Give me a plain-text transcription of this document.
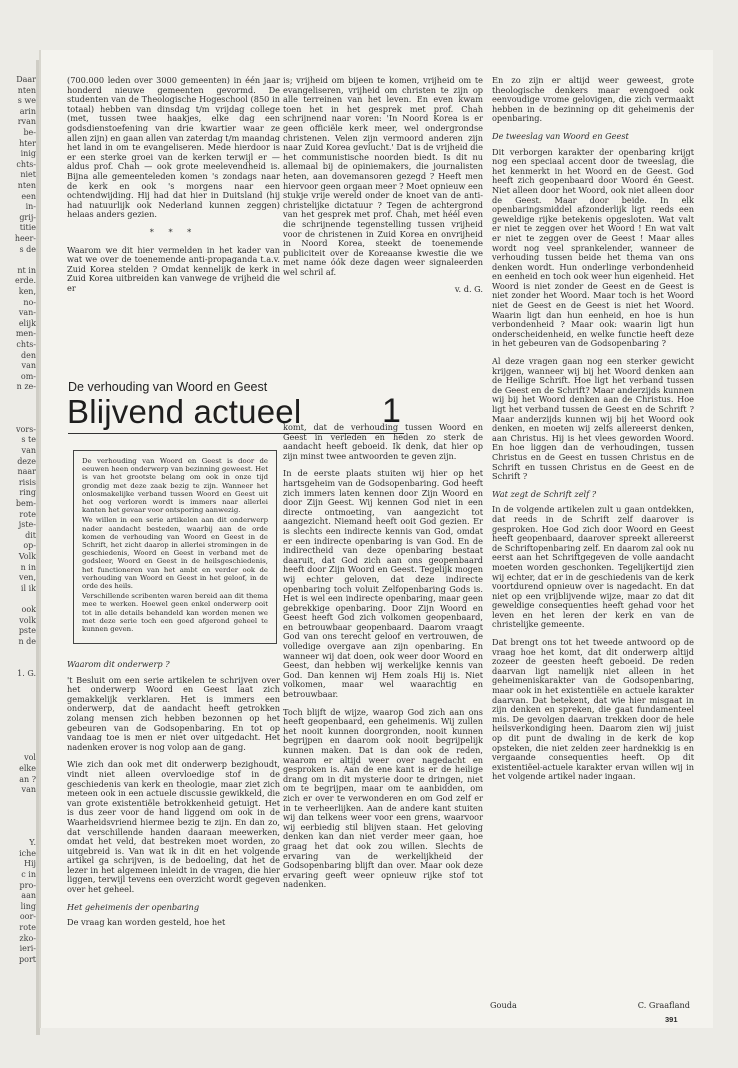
Daar
nten
s we
arin
rvan
be-
hter
inig
chts-
niet
nten
een
in-
grij-
titie
heer-
s de
nt in
erde.
ken,
no-
van-
elijk
men-
chts-
den
van
om-
n ze-
vors-
s te
van
deze
naar
risis
ring
bem-
rote
jste-
dit
op-
Volk
n in
ven,
il ik
ook
volk
pste
n de
1. G.
vol
elke
an ?
van
Y.
iche
Hij
c in
pro-
aan
ling
oor-
rote
zko-
ieri-
port

(700.000 leden over 3000 gemeenten) in één jaar honderd nieuwe gemeenten gevormd. De studenten van de Theologische Hogeschool (850 in totaal) hebben van dinsdag t/m vrijdag college (met, tussen twee haakjes, elke dag een godsdienstoefening van drie kwartier waar ze allen zijn) en gaan allen van zaterdag t/m maandag het land in om te evangeliseren. Mede hierdoor is er een sterke groei van de kerken terwijl er — aldus prof. Chah — ook grote meelevendheid is. Bijna alle gemeenteleden komen 's zondags naar de kerk en ook 's morgens naar een ochtendwijding. Hij had dat hier in Duitsland (hij had natuurlijk ook Nederland kunnen zeggen) helaas anders gezien.

* * *

Waarom we dit hier vermelden in het kader van wat we over de toenemende anti-propaganda t.a.v. Zuid Korea stelden ? Omdat kennelijk de kerk in Zuid Korea uitbreiden kan vanwege de vrijheid die er

is; vrijheid om bijeen te komen, vrijheid om te evangeliseren, vrijheid om christen te zijn op alle terreinen van het leven. En even kwam toen het in het gesprek met prof. Chah schrijnend naar voren: 'In Noord Korea is er geen officiële kerk meer, wel ondergrondse christenen. Velen zijn vermoord anderen zijn naar Zuid Korea gevlucht.' Dat is de vrijheid die het communistische noorden biedt. Is dit nu allemaal bij de opiniemakers, die journalisten heten, aan dovemansoren gezegd ? Heeft men hiervoor geen orgaan meer ? Moet opnieuw een stukje vrije wereld onder de knoet van de anti-christelijke dictatuur ? Tegen de achtergrond van het gesprek met prof. Chah, met héél even die schrijnende tegenstelling tussen vrijheid voor de christenen in Zuid Korea en onvrijheid in Noord Korea, steekt de toenemende publiciteit over de Koreaanse kwestie die we met name óók deze dagen weer signaleerden wel schril af.

v. d. G.

En zo zijn er altijd weer geweest, grote theologische denkers maar evengoed ook eenvoudige vrome gelovigen, die zich vermaakt hebben in de bezinning op dit geheimenis der openbaring.

De tweeslag van Woord en Geest

Dit verborgen karakter der openbaring krijgt nog een speciaal accent door de tweeslag, die het kenmerkt in het Woord en de Geest. God heeft zich geopenbaard door Woord én Geest. Niet alleen door het Woord, ook niet alleen door de Geest. Maar door beide. In elk openbaringsmiddel afzonderlijk ligt reeds een geweldige rijke betekenis opgesloten. Wat valt er niet te zeggen over het Woord ! En wat valt er niet te zeggen over de Geest ! Maar alles wordt nog veel sprankelender, wanneer de verhouding tussen beide het thema van ons denken wordt. Hun onderlinge verbondenheid en eenheid en toch ook weer hun eigenheid. Het Woord is niet zonder de Geest en de Geest is niet zonder het Woord. Maar toch is het Woord niet de Geest en de Geest is niet het Woord. Waarin ligt dan hun eenheid, en hoe is hun verbondenheid ? Maar ook: waarin ligt hun onderscheidenheid, en welke functie heeft deze in het gebeuren van de Godsopenbaring ?

Al deze vragen gaan nog een sterker gewicht krijgen, wanneer wij bij het Woord denken aan de Heilige Schrift. Hoe ligt het verband tussen de Geest en de Schrift? Maar anderzijds kunnen wij bij het Woord denken aan de Christus. Hoe ligt het verband tussen de Geest en de Schrift ? Maar anderzijds kunnen wij bij het Woord ook denken, en moeten wij zelfs allereerst denken, aan Christus. Hij is het vlees geworden Woord. En hoe liggen dan de verhoudingen, tussen Christus en de Geest en tussen Christus en de Schrift en tussen Christus en de Geest en de Schrift ?

Wat zegt de Schrift zelf ?

In de volgende artikelen zult u gaan ontdekken, dat reeds in de Schrift zelf daarover is gesproken. Hoe God zich door Woord en Geest heeft geopenbaard, daarover spreekt allereerst de Schriftopenbaring zelf. En daarom zal ook nu eerst aan het Schriftgegeven de volle aandacht moeten worden geschonken. Tegelijkertijd zien wij echter, dat er in de geschiedenis van de kerk voortdurend opnieuw over is nagedacht. En dat niet op een vrijblijvende wijze, maar zo dat dit geweldige consequenties heeft gehad voor het leven en het leren der kerk en van de christelijke gemeente.

Dat brengt ons tot het tweede antwoord op de vraag hoe het komt, dat dit onderwerp altijd zozeer de geesten heeft geboeid. De reden daarvan ligt namelijk niet alleen in het geheimeniskarakter van de Godsopenbaring, maar ook in het existentiële en actuele karakter daarvan. Dat betekent, dat wie hier misgaat in zijn denken en spreken, die gaat fundamenteel mis. De gevolgen daarvan trekken door de hele heilsverkondiging heen. Daarom zien wij juist op dit punt de dwaling in de kerk de kop opsteken, die niet zelden zeer hardnekkig is en vergaande consequenties heeft. Op dit existentiëel-actuele karakter ervan willen wij in het volgende artikel nader ingaan.

De verhouding van Woord en Geest
Blijvend actueel 1

De verhouding van Woord en Geest is door de eeuwen heen onderwerp van bezinning geweest. Het is van het grootste belang om ook in onze tijd grondig met deze zaak bezig te zijn. Wanneer het onlosmakelijke verband tussen Woord en Geest uit het oog verloren wordt is immers naar allerlei kanten het gevaar voor ontsporing aanwezig.

We willen in een serie artikelen aan dit onderwerp nader aandacht besteden, waarbij aan de orde komen de verhouding van Woord en Geest in de Schrift, het zicht daarop in allerlei stromingen in de geschiedenis, Woord en Geest in verband met de godsleer, Woord en Geest in de heilsgeschiedenis, het functioneren van het ambt en verder ook de verhouding van Woord en Geest in het geloof, in de orde des heils.

Verschillende scribenten waren bereid aan dit thema mee te werken. Hoewel geen enkel onderwerp ooit tot in alle details behandeld kan worden menen we met deze serie toch een goed afgerond geheel te kunnen geven.

Waarom dit onderwerp ?

't Besluit om een serie artikelen te schrijven over het onderwerp Woord en Geest laat zich gemakkelijk verklaren. Het is immers een onderwerp, dat de aandacht heeft getrokken zolang mensen zich hebben bezonnen op het gebeuren van de Godsopenbaring. En tot op vandaag toe is men er niet over uitgedacht. Het nadenken erover is nog volop aan de gang.

Wie zich dan ook met dit onderwerp bezighoudt, vindt niet alleen overvloedige stof in de geschiedenis van kerk en theologie, maar ziet zich meteen ook in een actuele discussie gewikkeld, die van grote existentiële betrokkenheid getuigt. Het is dus zeer voor de hand liggend om ook in de Waarheidsvriend hiermee bezig te zijn. En dan zo, dat verschillende handen daaraan meewerken, omdat het veld, dat bestreken moet worden, zo uitgebreid is. Van wat ik in dit en het volgende artikel ga schrijven, is de bedoeling, dat het de lezer in het algemeen inleidt in de vragen, die hier liggen, terwijl tevens een overzicht wordt gegeven over het geheel.

Het geheimenis der openbaring

De vraag kan worden gesteld, hoe het

komt, dat de verhouding tussen Woord en Geest in verleden en heden zo sterk de aandacht heeft geboeid. Ik denk, dat hier op zijn minst twee antwoorden te geven zijn.

In de eerste plaats stuiten wij hier op het hartsgeheim van de Godsopenbaring. God heeft zich immers laten kennen door Zijn Woord en door Zijn Geest. Wij kennen God niet in een directe ontmoeting, van aangezicht tot aangezicht. Niemand heeft ooit God gezien. Er is slechts een indirecte kennis van God, omdat er een indirecte openbaring is van God. En de indirectheid van deze openbaring bestaat daaruit, dat God zich aan ons geopenbaard heeft door Zijn Woord en Geest. Tegelijk mogen wij echter geloven, dat deze indirecte openbaring toch voluit Zelfopenbaring Gods is. Het is wel een indirecte openbaring, maar geen gebrekkige openbaring. Door Zijn Woord en Geest heeft God zich volkomen geopenbaard, en betrouwbaar geopenbaard. Daarom vraagt God van ons terecht geloof en vertrouwen, de volledige overgave aan zijn openbaring. En wanneer wij dat doen, ook weer door Woord en Geest, dan hebben wij werkelijke kennis van God. Dan kennen wij Hem zoals Hij is. Niet volkomen, maar wel waarachtig en betrouwbaar.

Toch blijft de wijze, waarop God zich aan ons heeft geopenbaard, een geheimenis. Wij zullen het nooit kunnen doorgronden, nooit kunnen begrijpen en daarom ook nooit begrijpelijk kunnen maken. Dat is dan ook de reden, waarom er altijd weer over nagedacht en gesproken is. Aan de ene kant is er de heilige drang om in dit mysterie door te dringen, niet om te begrijpen, maar om te aanbidden, om zich er over te verwonderen en om God zelf er in te verheerlijken. Aan de andere kant stuiten wij dan telkens weer voor een grens, waarvoor wij eerbiedig stil blijven staan. Het geloving denken kan dan niet verder meer gaan, hoe graag het dat ook zou willen. Slechts de ervaring van de werkelijkheid der Godsopenbaring blijft dan over. Maar ook deze ervaring geeft weer opnieuw rijke stof tot nadenken.

Gouda	C. Graafland
391
